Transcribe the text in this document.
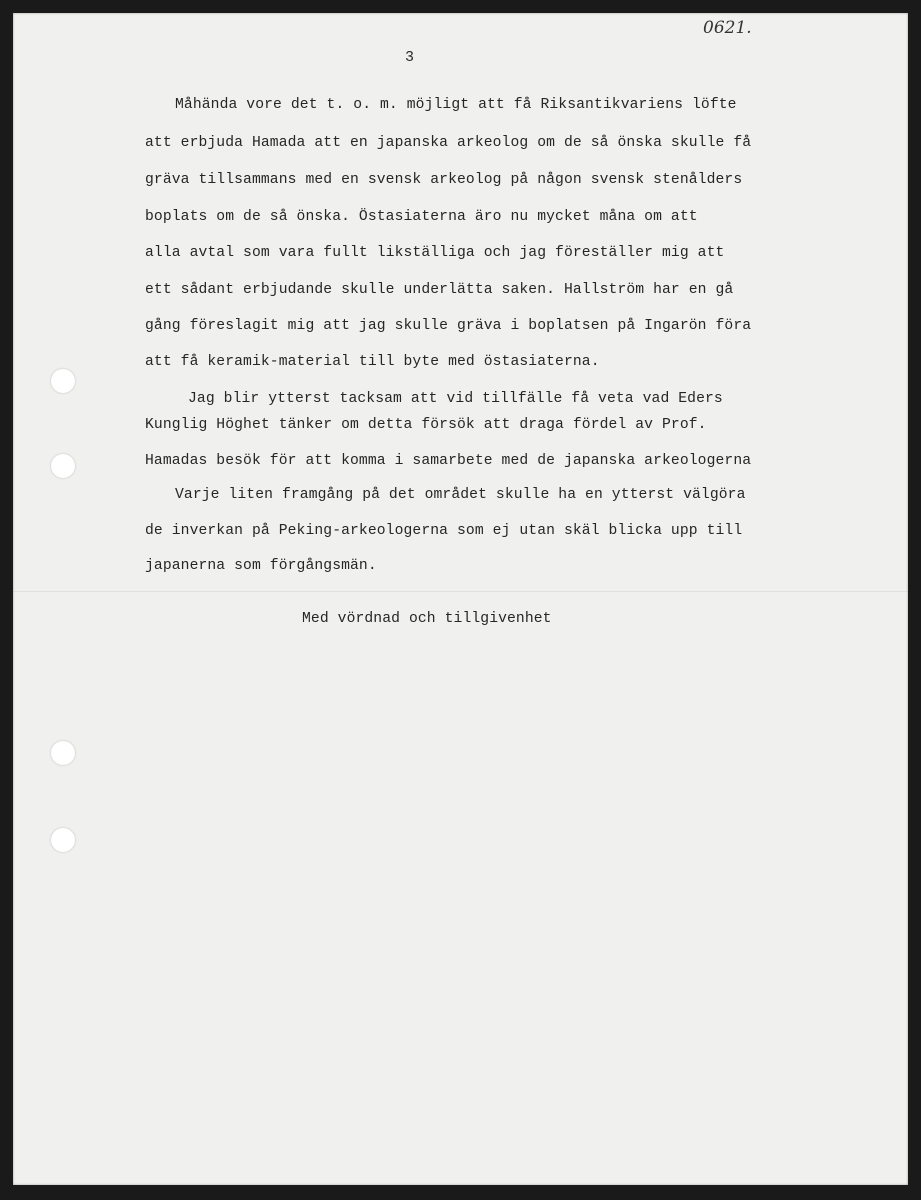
0621.
3
Måhända vore det t. o. m. möjligt att få Riksantikvariens löfte
att erbjuda Hamada att en japanska arkeolog om de så önska skulle få
gräva tillsammans med en svensk arkeolog på någon svensk stenålders
boplats om de så önska. Östasiaterna äro nu mycket måna om att
alla avtal som vara fullt likställiga och jag föreställer mig att
ett sådant erbjudande skulle underlätta saken. Hallström har en gå
gång föreslagit mig att jag skulle gräva i boplatsen på Ingarön föra
att få keramik-material till byte med östasiaterna.
Jag blir ytterst tacksam att vid tillfälle få veta vad Eders
Kunglig Höghet tänker om detta försök att draga fördel av Prof.
Hamadas besök för att komma i samarbete med de japanska arkeologerna
Varje liten framgång på det området skulle ha en ytterst välgöra
de inverkan på Peking-arkeologerna som ej utan skäl blicka upp till
japanerna som förgångsmän.
Med vördnad och tillgivenhet
